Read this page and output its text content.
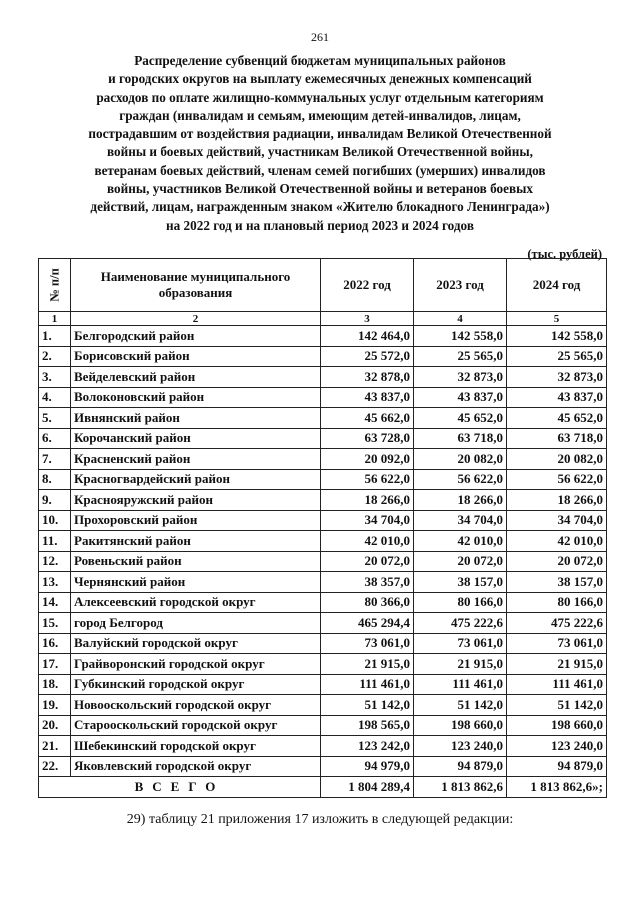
261
Распределение субвенций бюджетам муниципальных районов
и городских округов на выплату ежемесячных денежных компенсаций
расходов по оплате жилищно-коммунальных услуг отдельным категориям
граждан (инвалидам и семьям, имеющим детей-инвалидов, лицам,
пострадавшим от воздействия радиации, инвалидам Великой Отечественной
войны и боевых действий, участникам Великой Отечественной войны,
ветеранам боевых действий, членам семей погибших (умерших) инвалидов
войны, участников Великой Отечественной войны и ветеранов боевых
действий, лицам, награжденным знаком «Жителю блокадного Ленинграда»)
на 2022 год и на плановый период 2023 и 2024 годов
(тыс. рублей)
№ п/п	Наименование муниципального образования	2022 год	2023 год	2024 год
1	2	3	4	5
1.	Белгородский район	142 464,0	142 558,0	142 558,0
2.	Борисовский район	25 572,0	25 565,0	25 565,0
3.	Вейделевский район	32 878,0	32 873,0	32 873,0
4.	Волоконовский район	43 837,0	43 837,0	43 837,0
5.	Ивнянский район	45 662,0	45 652,0	45 652,0
6.	Корочанский район	63 728,0	63 718,0	63 718,0
7.	Красненский район	20 092,0	20 082,0	20 082,0
8.	Красногвардейский район	56 622,0	56 622,0	56 622,0
9.	Краснояружский район	18 266,0	18 266,0	18 266,0
10.	Прохоровский район	34 704,0	34 704,0	34 704,0
11.	Ракитянский район	42 010,0	42 010,0	42 010,0
12.	Ровеньский район	20 072,0	20 072,0	20 072,0
13.	Чернянский район	38 357,0	38 157,0	38 157,0
14.	Алексеевский городской округ	80 366,0	80 166,0	80 166,0
15.	город Белгород	465 294,4	475 222,6	475 222,6
16.	Валуйский городской округ	73 061,0	73 061,0	73 061,0
17.	Грайворонский городской округ	21 915,0	21 915,0	21 915,0
18.	Губкинский городской округ	111 461,0	111 461,0	111 461,0
19.	Новооскольский городской округ	51 142,0	51 142,0	51 142,0
20.	Старооскольский городской округ	198 565,0	198 660,0	198 660,0
21.	Шебекинский городской округ	123 242,0	123 240,0	123 240,0
22.	Яковлевский городской округ	94 979,0	94 879,0	94 879,0
ВСЕГО		1 804 289,4	1 813 862,6	1 813 862,6»;
29) таблицу 21 приложения 17 изложить в следующей редакции:
